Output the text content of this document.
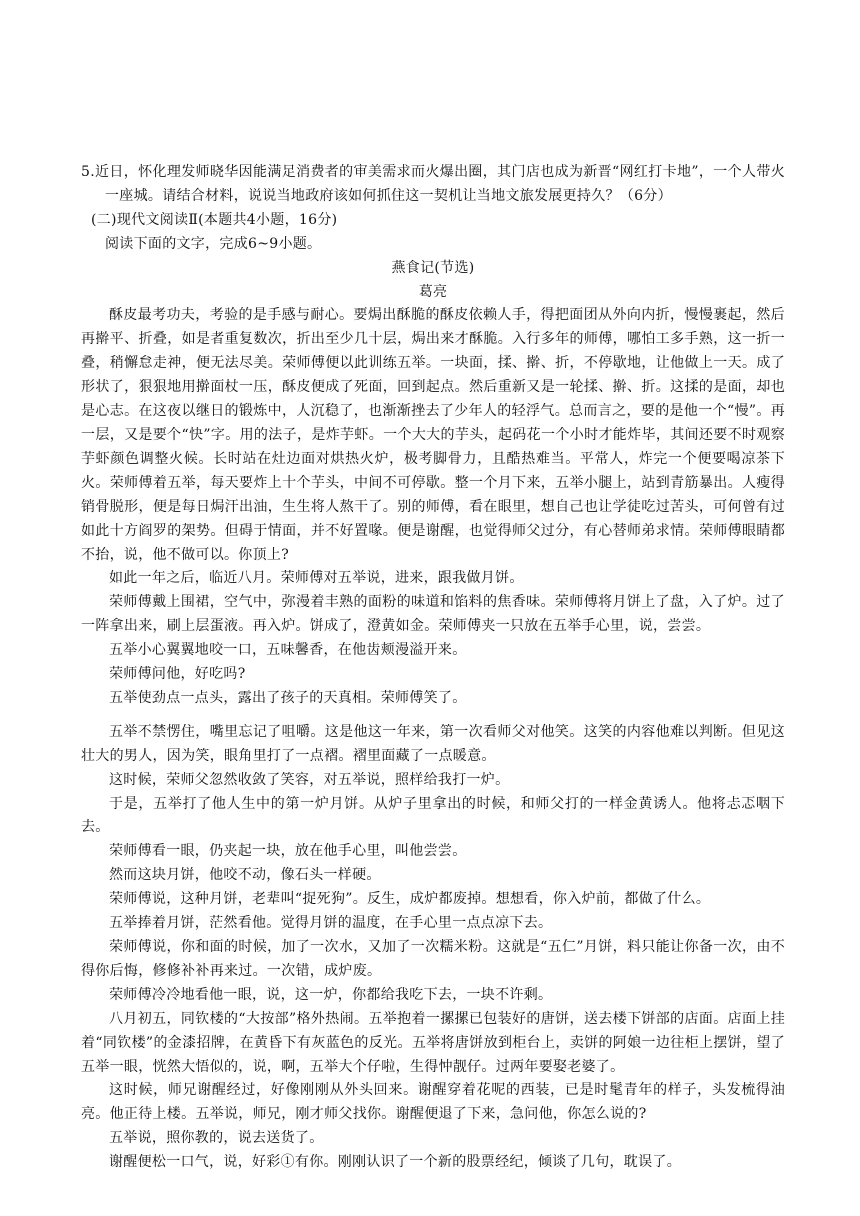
5.近日，怀化理发师晓华因能满足消费者的审美需求而火爆出圈，其门店也成为新晋“网红打卡地”，一个人带火一座城。请结合材料，说说当地政府该如何抓住这一契机让当地文旅发展更持久？（6分）

(二)现代文阅读Ⅱ(本题共4小题，16分)

阅读下面的文字，完成6~9小题。

燕食记(节选)

葛亮

酥皮最考功夫，考验的是手感与耐心。要焗出酥脆的酥皮依赖人手，得把面团从外向内折，慢慢裹起，然后再擀平、折叠，如是者重复数次，折出至少几十层，焗出来才酥脆。入行多年的师傅，哪怕工多手熟，这一折一叠，稍懈怠走神，便无法尽美。荣师傅便以此训练五举。一块面，揉、擀、折，不停歇地，让他做上一天。成了形状了，狠狠地用擀面杖一压，酥皮便成了死面，回到起点。然后重新又是一轮揉、擀、折。这揉的是面，却也是心志。在这夜以继日的锻炼中，人沉稳了，也渐渐挫去了少年人的轻浮气。总而言之，要的是他一个“慢”。再一层，又是要个“快”字。用的法子，是炸芋虾。一个大大的芋头，起码花一个小时才能炸毕，其间还要不时观察芋虾颜色调整火候。长时站在灶边面对烘热火炉，极考脚骨力，且酷热难当。平常人，炸完一个便要喝凉茶下火。荣师傅着五举，每天要炸上十个芋头，中间不可停歇。整一个月下来，五举小腿上，站到青筋暴出。人瘦得销骨脱形，便是每日焗汗出油，生生将人熬干了。别的师傅，看在眼里，想自己也让学徒吃过苦头，可何曾有过如此十方阎罗的架势。但碍于情面，并不好置喙。便是谢醒，也觉得师父过分，有心替师弟求情。荣师傅眼睛都不抬，说，他不做可以。你顶上?

如此一年之后，临近八月。荣师傅对五举说，进来，跟我做月饼。

荣师傅戴上围裙，空气中，弥漫着丰熟的面粉的味道和馅料的焦香味。荣师傅将月饼上了盘，入了炉。过了一阵拿出来，刷上层蛋液。再入炉。饼成了，澄黄如金。荣师傅夹一只放在五举手心里，说，尝尝。

五举小心翼翼地咬一口，五味馨香，在他齿颊漫溢开来。

荣师傅问他，好吃吗?

五举使劲点一点头，露出了孩子的天真相。荣师傅笑了。

五举不禁愣住，嘴里忘记了咀嚼。这是他这一年来，第一次看师父对他笑。这笑的内容他难以判断。但见这壮大的男人，因为笑，眼角里打了一点褶。褶里面藏了一点暖意。

这时候，荣师父忽然收敛了笑容，对五举说，照样给我打一炉。

于是，五举打了他人生中的第一炉月饼。从炉子里拿出的时候，和师父打的一样金黄诱人。他将忐忑咽下去。

荣师傅看一眼，仍夹起一块，放在他手心里，叫他尝尝。

然而这块月饼，他咬不动，像石头一样硬。

荣师傅说，这种月饼，老辈叫“捉死狗”。反生，成炉都废掉。想想看，你入炉前，都做了什么。

五举捧着月饼，茫然看他。觉得月饼的温度，在手心里一点点凉下去。

荣师傅说，你和面的时候，加了一次水，又加了一次糯米粉。这就是“五仁”月饼，料只能让你备一次，由不得你后悔，修修补补再来过。一次错，成炉废。

荣师傅冷冷地看他一眼，说，这一炉，你都给我吃下去，一块不许剩。

八月初五，同钦楼的“大按部”格外热闹。五举抱着一摞摞已包装好的唐饼，送去楼下饼部的店面。店面上挂着“同钦楼”的金漆招牌，在黄昏下有灰蓝色的反光。五举将唐饼放到柜台上，卖饼的阿娘一边往柜上摆饼，望了五举一眼，恍然大悟似的，说，啊，五举大个仔啦，生得忡靓仔。过两年要娶老婆了。

这时候，师兄谢醒经过，好像刚刚从外头回来。谢醒穿着花呢的西装，已是时髦青年的样子，头发梳得油亮。他正待上楼。五举说，师兄，刚才师父找你。谢醒便退了下来，急问他，你怎么说的?

五举说，照你教的，说去送货了。

谢醒便松一口气，说，好彩①有你。刚刚认识了一个新的股票经纪，倾谈了几句，耽误了。
